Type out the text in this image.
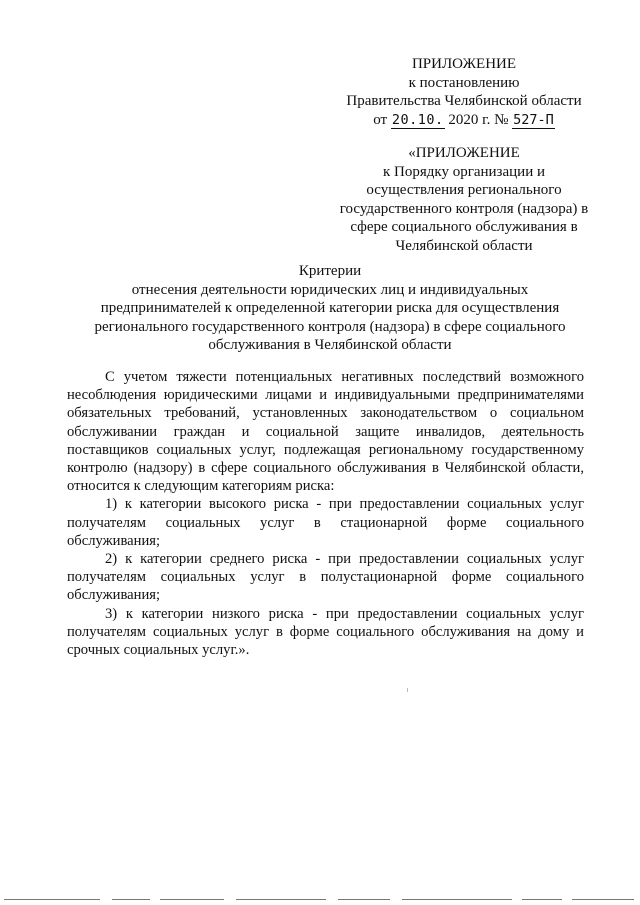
ПРИЛОЖЕНИЕ
к постановлению
Правительства Челябинской области
от 20.10. 2020 г. № 527-П
«ПРИЛОЖЕНИЕ
к Порядку организации и
осуществления регионального
государственного контроля (надзора) в
сфере социального обслуживания в
Челябинской области
Критерии
отнесения деятельности юридических лиц и индивидуальных
предпринимателей к определенной категории риска для осуществления
регионального государственного контроля (надзора) в сфере социального
обслуживания в Челябинской области

С учетом тяжести потенциальных негативных последствий возможного несоблюдения юридическими лицами и индивидуальными предпринимателями обязательных требований, установленных законодательством о социальном обслуживании граждан и социальной защите инвалидов, деятельность поставщиков социальных услуг, подлежащая региональному государственному контролю (надзору) в сфере социального обслуживания в Челябинской области, относится к следующим категориям риска:

1) к категории высокого риска - при предоставлении социальных услуг получателям социальных услуг в стационарной форме социального обслуживания;

2) к категории среднего риска - при предоставлении социальных услуг получателям социальных услуг в полустационарной форме социального обслуживания;

3) к категории низкого риска - при предоставлении социальных услуг получателям социальных услуг в форме социального обслуживания на дому и срочных социальных услуг.».
